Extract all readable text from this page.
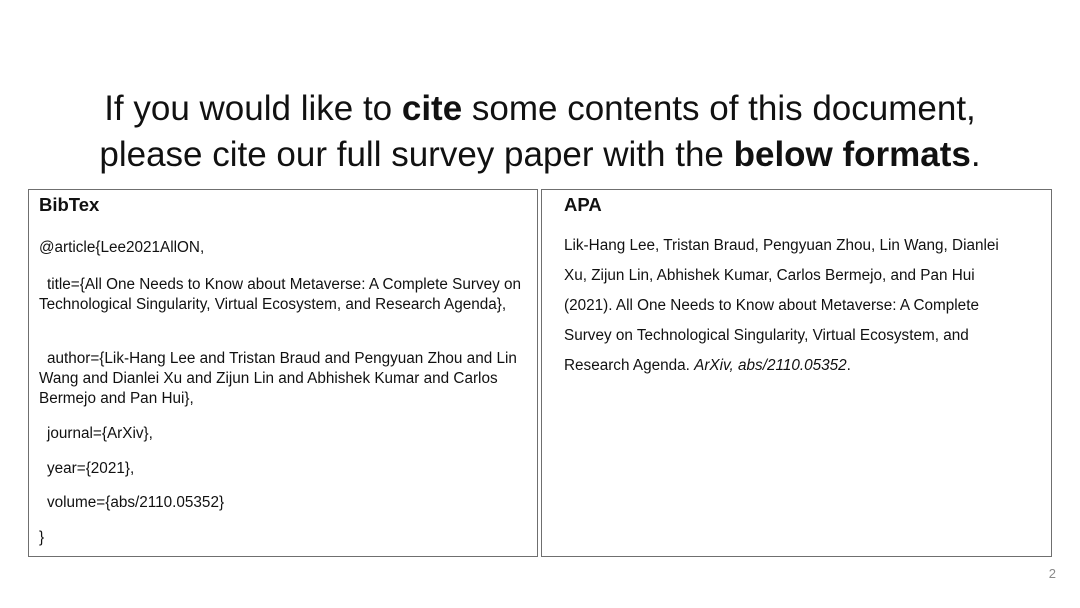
If you would like to cite some contents of this document,
please cite our full survey paper with the below formats.
BibTex
@article{Lee2021AllON,
title={All One Needs to Know about Metaverse: A Complete Survey on Technological Singularity, Virtual Ecosystem, and Research Agenda},
author={Lik-Hang Lee and Tristan Braud and Pengyuan Zhou and Lin Wang and Dianlei Xu and Zijun Lin and Abhishek Kumar and Carlos Bermejo and Pan Hui},
journal={ArXiv},
year={2021},
volume={abs/2110.05352}
}
APA
Lik-Hang Lee, Tristan Braud, Pengyuan Zhou, Lin Wang, Dianlei Xu, Zijun Lin, Abhishek Kumar, Carlos Bermejo, and Pan Hui (2021). All One Needs to Know about Metaverse: A Complete Survey on Technological Singularity, Virtual Ecosystem, and Research Agenda. ArXiv, abs/2110.05352.
2
